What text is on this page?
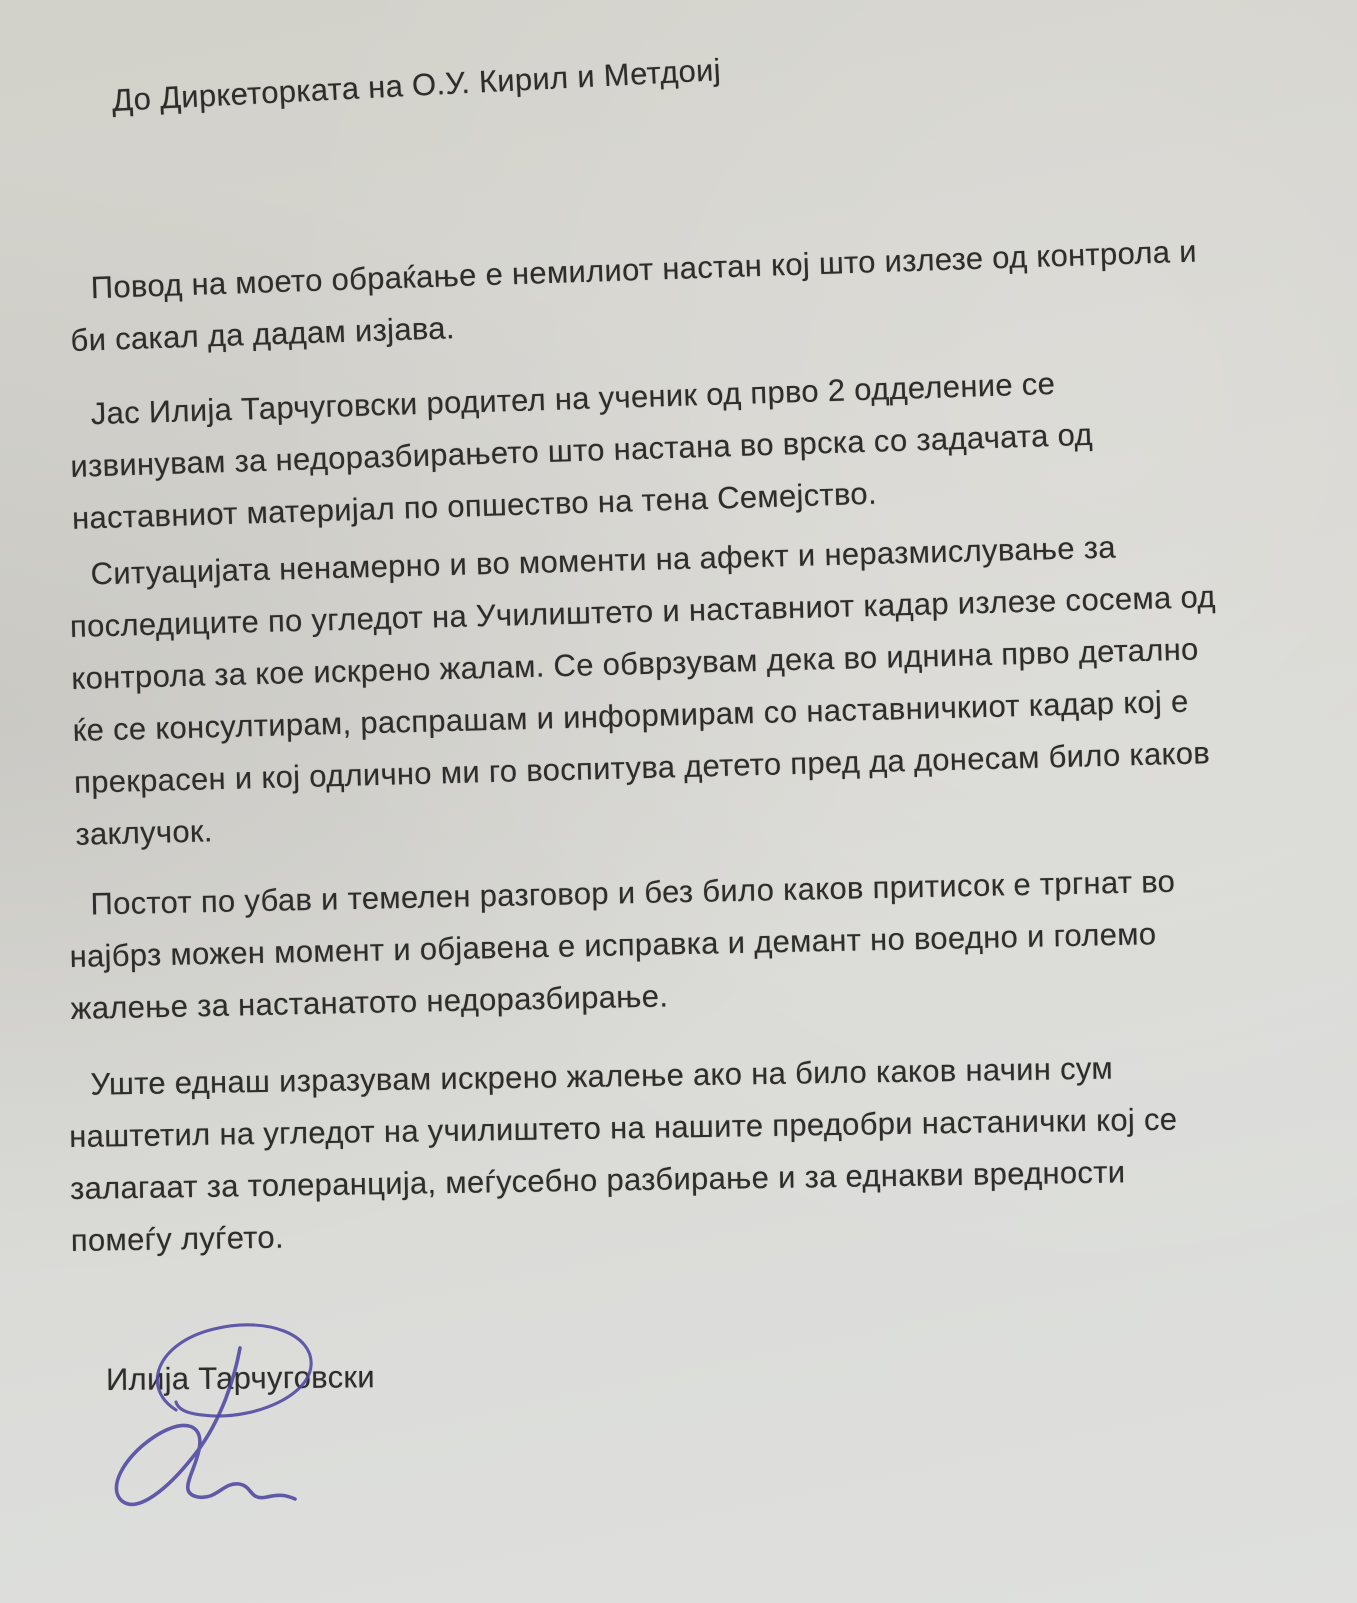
До Диркеторката на О.У. Кирил и Метдоиј
Повод на моето обраќање е немилиот настан кој што излезе од контрола и
би сакал да дадам изјава.
Јас Илија Тарчуговски родител на ученик од прво 2 одделение се
извинувам за недоразбирањето што настана во врска со задачата од
наставниот материјал по опшество на тена Семејство.
Ситуацијата ненамерно и во моменти на афект и неразмислување за
последиците по угледот на Училиштето и наставниот кадар излезе сосема од
контрола за кое искрено жалам. Се обврзувам дека во иднина прво детално
ќе се консултирам, распрашам и информирам со наставничкиот кадар кој е
прекрасен и кој одлично ми го воспитува детето пред да донесам било каков
заклучок.
Постот по убав и темелен разговор и без било каков притисок е тргнат во
најбрз можен момент и објавена е исправка и демант но воедно и големо
жалење за настанатото недоразбирање.
Уште еднаш изразувам искрено жалење ако на било каков начин сум
наштетил на угледот на училиштето на нашите предобри настанички кој се
залагаат за толеранција, меѓусебно разбирање и за еднакви вредности
помеѓу луѓето.
Илија Тарчуговски
